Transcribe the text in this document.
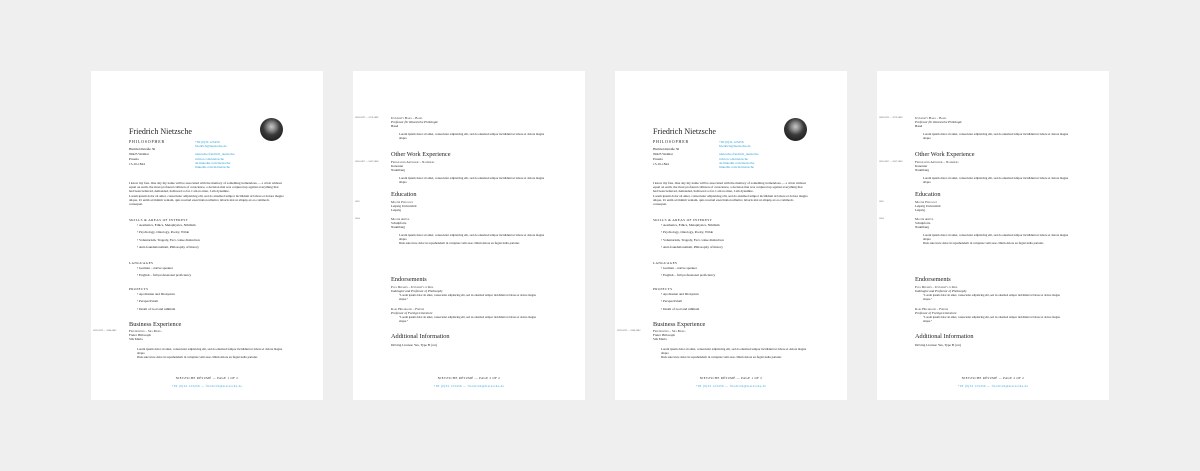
Friedrich Nietzsche
PHILOSOPHER
Humboldtstraße 36
99425 Weimar
Prussia
15-10-1844
+00 (0)34 123456
friedrich@nietzsche.de
nietzsche.friedrich_nietzsche
twitter.com/nietzsche
de.linkedin.com/nietzsche
linkedin.com/in/nietzsche

I know my fate. One day my name will be associated with the memory of something tremendous — a crisis without equal on earth, the most profound collision of conscience, a decision that was conjured up against everything that had been believed, demanded, hallowed so far. I am no man, I am dynamite.

Lorem ipsum dolor sit amet, consectetur adipisicing elit, sed do eiusmod tempor incididunt ut labore et dolore magna aliqua. Ut enim ad minim veniam, quis nostrud exercitation ullamco laboris nisi ut aliquip ex ea commodo consequat.

SKILLS & AREAS OF INTEREST
• Aesthetics, Ethics, Metaphysics, Nihilism
• Psychology, Ontology, Poetry, Wilde
• Voluntarism, Tragedy, Fact–value distinction
• Anti-foundationalism, Philosophy of history
LANGUAGES
• German – native speaker
• English – full professional proficiency
PROJECTS
• Apollonian and Dionysian
• Perspectivism
• Death of God and nihilism
Business Experience
1870-1879 — 1880-1882	Freudenstein – Sils Maria
Freier Philosoph
Sils Maria
Lorem ipsum dolor sit amet, consectetur adipisicing elit, sed do eiusmod tempor incididunt ut labore et dolore magna aliqua
Duis aute irure dolor in reprehenderit in voluptate velit esse cillum dolore eu fugiat nulla pariatur.
NIETZSCHE RÉSUMÉ — PAGE 1 OF 2
+00 (0)34 123456 — friedrich@nietzsche.de
1869-1879 — 1879-1889	University Basel – Basel
Professor für Klassische Philologie
Basel
Lorem ipsum dolor sit amet, consectetur adipisicing elit, sed do eiusmod tempor incididunt ut labore et dolore magna aliqua
Other Work Experience
1865-1867 — 1867-1868	Freiwilliger Artillerie – Naumburg
Kanonier
Naumburg
Lorem ipsum dolor sit amet, consectetur adipisicing elit, sed do eiusmod tempor incididunt ut labore et dolore magna aliqua
Education
1865	Master Philology
Leipzig Universität
Leipzig
1864	Master Abitur
Schulpforta
Naumburg
Lorem ipsum dolor sit amet, consectetur adipisicing elit, sed do eiusmod tempor incididunt ut labore et dolore magna aliqua
Duis aute irure dolor in reprehenderit in voluptate velit esse cillum dolore eu fugiat nulla pariatur.
Endorsements
Paul Deussen – University of Kiel
Indologist and Professor of Philosophy
“Lorem ipsum dolor sit amet, consectetur adipisicing elit, sed do eiusmod tempor incididunt ut labore et dolore magna aliqua.”
Karl Hillebrand – Firenze
Professor of Foreign Literature
“Lorem ipsum dolor sit amet, consectetur adipisicing elit, sed do eiusmod tempor incididunt ut labore et dolore magna aliqua.”
Additional Information
Driving License: Yes, Type B (car)
NIETZSCHE RÉSUMÉ — PAGE 2 OF 2
+00 (0)34 123456 — friedrich@nietzsche.de
Friedrich Nietzsche
PHILOSOPHER
Humboldtstraße 36
99425 Weimar
Prussia
15-10-1844
+00 (0)34 123456
friedrich@nietzsche.de
nietzsche.friedrich_nietzsche
twitter.com/nietzsche
de.linkedin.com/nietzsche
linkedin.com/in/nietzsche

I know my fate. One day my name will be associated with the memory of something tremendous — a crisis without equal on earth, the most profound collision of conscience, a decision that was conjured up against everything that had been believed, demanded, hallowed so far. I am no man, I am dynamite.

Lorem ipsum dolor sit amet, consectetur adipisicing elit, sed do eiusmod tempor incididunt ut labore et dolore magna aliqua. Ut enim ad minim veniam, quis nostrud exercitation ullamco laboris nisi ut aliquip ex ea commodo consequat.

SKILLS & AREAS OF INTEREST
• Aesthetics, Ethics, Metaphysics, Nihilism
• Psychology, Ontology, Poetry, Wilde
• Voluntarism, Tragedy, Fact–value distinction
• Anti-foundationalism, Philosophy of history
LANGUAGES
• German – native speaker
• English – full professional proficiency
PROJECTS
• Apollonian and Dionysian
• Perspectivism
• Death of God and nihilism
Business Experience
1870-1879 — 1880-1882	Freudenstein – Sils Maria
Freier Philosoph
Sils Maria
Lorem ipsum dolor sit amet, consectetur adipisicing elit, sed do eiusmod tempor incididunt ut labore et dolore magna aliqua
Duis aute irure dolor in reprehenderit in voluptate velit esse cillum dolore eu fugiat nulla pariatur.
NIETZSCHE RÉSUMÉ — PAGE 1 OF 2
+00 (0)34 123456 — friedrich@nietzsche.de
1869-1879 — 1879-1889	University Basel – Basel
Professor für Klassische Philologie
Basel
Lorem ipsum dolor sit amet, consectetur adipisicing elit, sed do eiusmod tempor incididunt ut labore et dolore magna aliqua
Other Work Experience
1865-1867 — 1867-1868	Freiwilliger Artillerie – Naumburg
Kanonier
Naumburg
Lorem ipsum dolor sit amet, consectetur adipisicing elit, sed do eiusmod tempor incididunt ut labore et dolore magna aliqua
Education
1865	Master Philology
Leipzig Universität
Leipzig
1864	Master Abitur
Schulpforta
Naumburg
Lorem ipsum dolor sit amet, consectetur adipisicing elit, sed do eiusmod tempor incididunt ut labore et dolore magna aliqua
Duis aute irure dolor in reprehenderit in voluptate velit esse cillum dolore eu fugiat nulla pariatur.
Endorsements
Paul Deussen – University of Kiel
Indologist and Professor of Philosophy
“Lorem ipsum dolor sit amet, consectetur adipisicing elit, sed do eiusmod tempor incididunt ut labore et dolore magna aliqua.”
Karl Hillebrand – Firenze
Professor of Foreign Literature
“Lorem ipsum dolor sit amet, consectetur adipisicing elit, sed do eiusmod tempor incididunt ut labore et dolore magna aliqua.”
Additional Information
Driving License: Yes, Type B (car)
NIETZSCHE RÉSUMÉ — PAGE 2 OF 2
+00 (0)34 123456 — friedrich@nietzsche.de
